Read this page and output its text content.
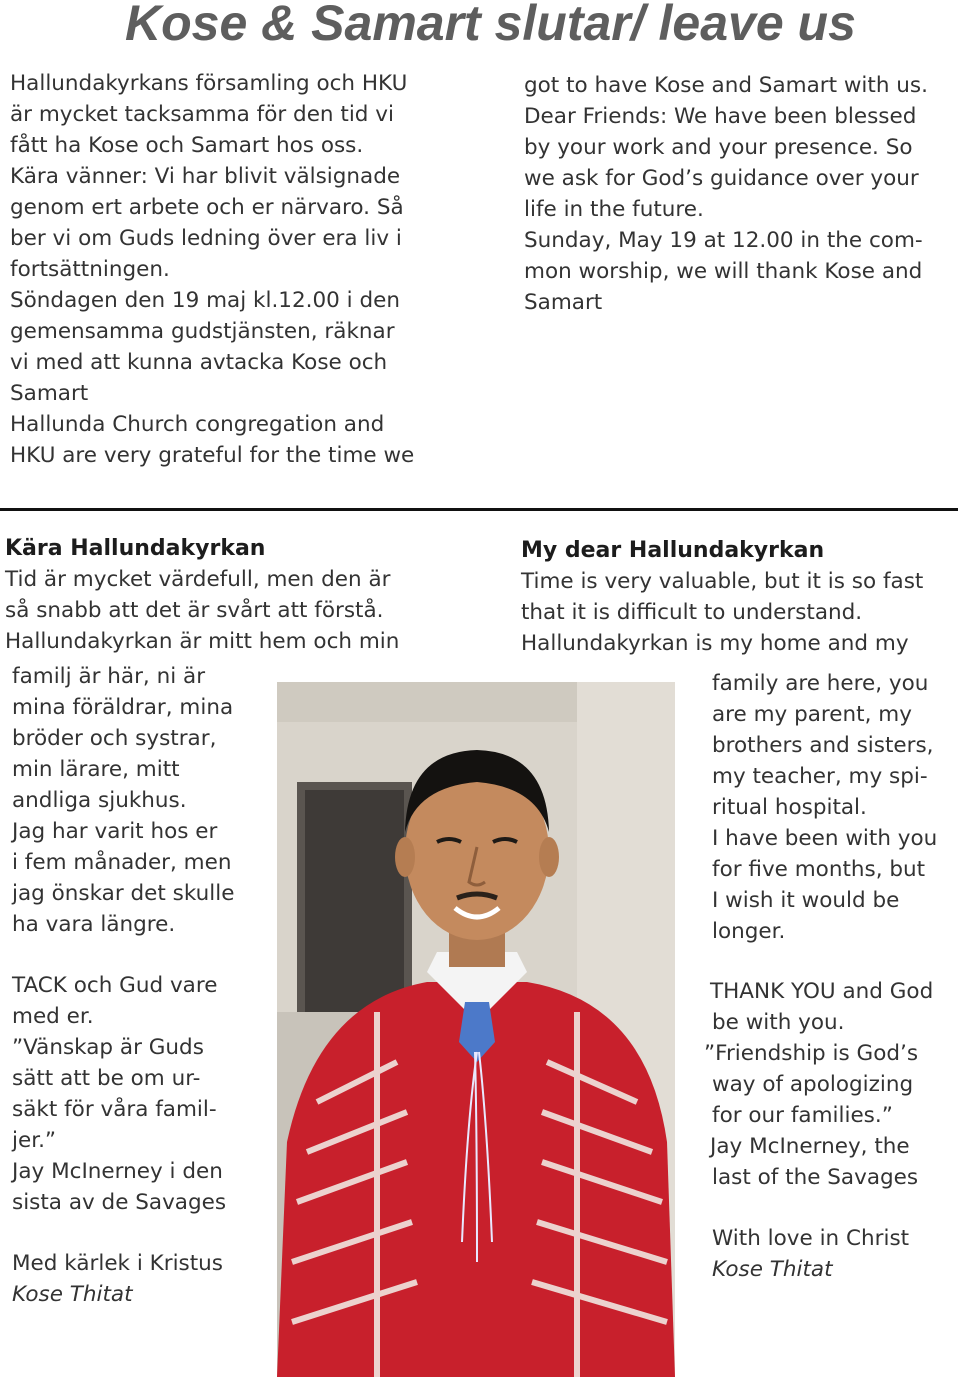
Kose & Samart slutar/ leave us

Hallundakyrkans församling och HKU

är mycket tacksamma för den tid vi

fått ha Kose och Samart hos oss.

Kära vänner: Vi har blivit välsignade

genom ert arbete och er närvaro. Så

ber vi om Guds ledning över era liv i

fortsättningen.

Söndagen den 19 maj kl.12.00 i den

gemensamma gudstjänsten, räknar

vi med att kunna avtacka Kose och

Samart

Hallunda Church congregation and

HKU are very grateful for the time we

got to have Kose and Samart with us.

Dear Friends: We have been blessed

by your work and your presence. So

we ask for God’s guidance over your

life in the future.

Sunday, May 19 at 12.00 in the com-

mon worship, we will thank Kose and

Samart

Kära Hallundakyrkan

Tid är mycket värdefull, men den är

så snabb att det är svårt att förstå.

Hallundakyrkan är mitt hem och min

familj är här, ni är

mina föräldrar, mina

bröder och systrar,

min lärare, mitt

andliga sjukhus.

Jag har varit hos er

i fem månader, men

jag önskar det skulle

ha vara längre.

TACK och Gud vare

med er.

”Vänskap är Guds

sätt att be om ur-

säkt för våra famil-

jer.”

Jay McInerney i den

sista av de Savages

Med kärlek i Kristus

Kose Thitat

My dear Hallundakyrkan

Time is very valuable, but it is so fast

that it is difficult to understand.

Hallundakyrkan is my home and my

family are here, you

are my parent, my

brothers and sisters,

my teacher, my spi-

ritual hospital.

I have been with you

for five months, but

I wish it would be

longer.

THANK YOU and God

be with you.

”Friendship is God’s

way of apologizing

for our families.”

Jay McInerney, the

last of the Savages

With love in Christ

Kose Thitat
